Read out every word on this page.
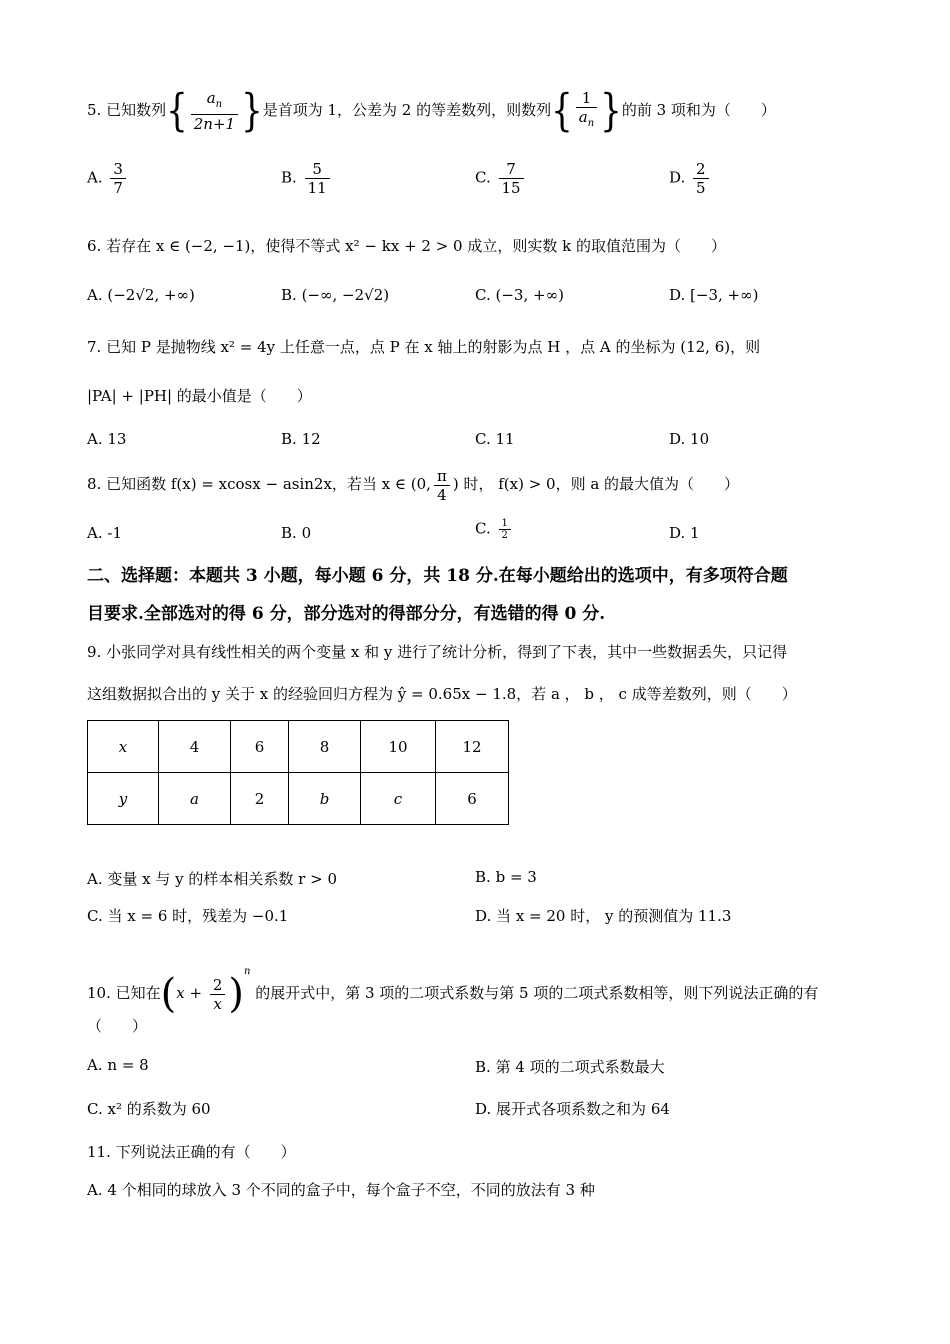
5. 已知数列{ $\frac{a_n}{2n+1}$ }是首项为 1，公差为 2 的等差数列，则数列{ $\frac{1}{a_n}$ }的前 3 项和为（　　）
A. $\frac{3}{7}$	B. $\frac{5}{11}$	C. $\frac{7}{15}$	D. $\frac{2}{5}$
6. 若存在 x ∈ (−2, −1)，使得不等式 x² − kx + 2 > 0 成立，则实数 k 的取值范围为（　　）
A. (−2√2, +∞)	B. (−∞, −2√2)	C. (−3, +∞)	D. [−3, +∞)
7. 已知 P 是抛物线 x² = 4y 上任意一点，点 P 在 x 轴上的射影为点 H ，点 A 的坐标为 (12, 6)，则
|PA| + |PH| 的最小值是（　　）
A. 13	B. 12	C. 11	D. 10
8. 已知函数 f(x) = xcosx − asin2x，若当 x ∈ (0, $\frac{\pi}{4}$ ) 时， f(x) > 0，则 a 的最大值为（　　）
A. -1	B. 0	C. $\frac{1}{2}$	D. 1
二、选择题：本题共 3 小题，每小题 6 分，共 18 分.在每小题给出的选项中，有多项符合题
目要求.全部选对的得 6 分，部分选对的得部分分，有选错的得 0 分.
9. 小张同学对具有线性相关的两个变量 x 和 y 进行了统计分析，得到了下表，其中一些数据丢失，只记得
这组数据拟合出的 y 关于 x 的经验回归方程为 ŷ = 0.65x − 1.8，若 a ， b ， c 成等差数列，则（　　）
x	4	6	8	10	12
y	a	2	b	c	6
A. 变量 x 与 y 的样本相关系数 r > 0	B. b = 3
C. 当 x = 6 时，残差为 −0.1	D. 当 x = 20 时， y 的预测值为 11.3
10. 已知在$(x + \frac{2}{x} )^n$ 的展开式中，第 3 项的二项式系数与第 5 项的二项式系数相等，则下列说法正确的有
（　　）
A. n = 8	B. 第 4 项的二项式系数最大
C. x² 的系数为 60	D. 展开式各项系数之和为 64
11. 下列说法正确的有（　　）
A. 4 个相同的球放入 3 个不同的盒子中，每个盒子不空，不同的放法有 3 种
